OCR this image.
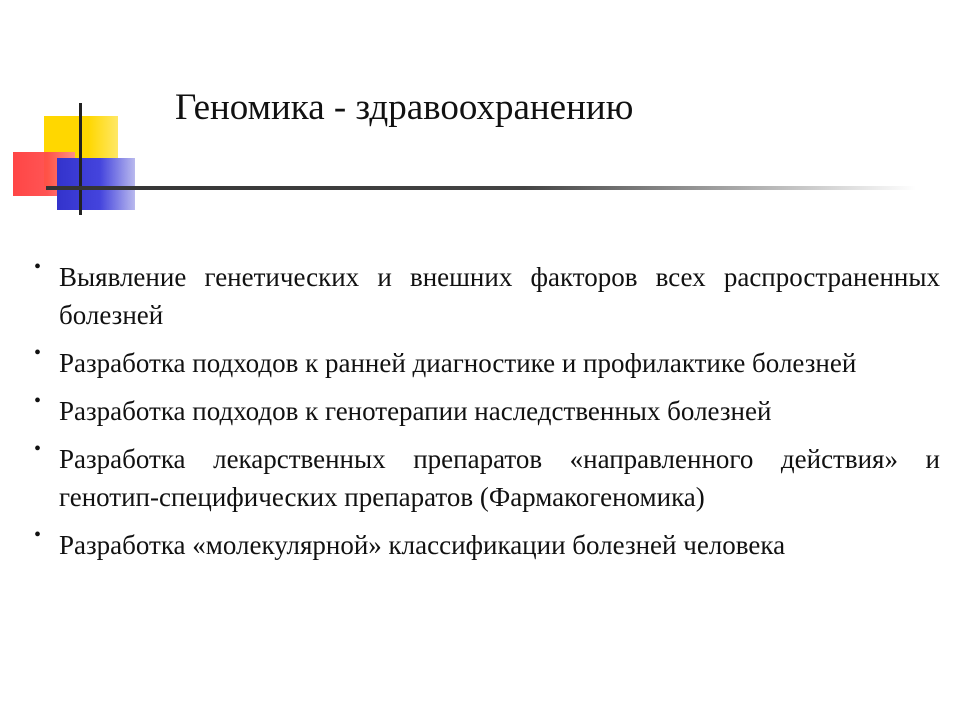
Геномика - здравоохранению
• Выявление генетических и внешних факторов всех распространенных болезней
• Разработка подходов к ранней диагностике и профилактике болезней
• Разработка подходов к генотерапии наследственных болезней
• Разработка лекарственных препаратов «направленного действия» и генотип-специфических препаратов (Фармакогеномика)
• Разработка «молекулярной» классификации болезней человека
